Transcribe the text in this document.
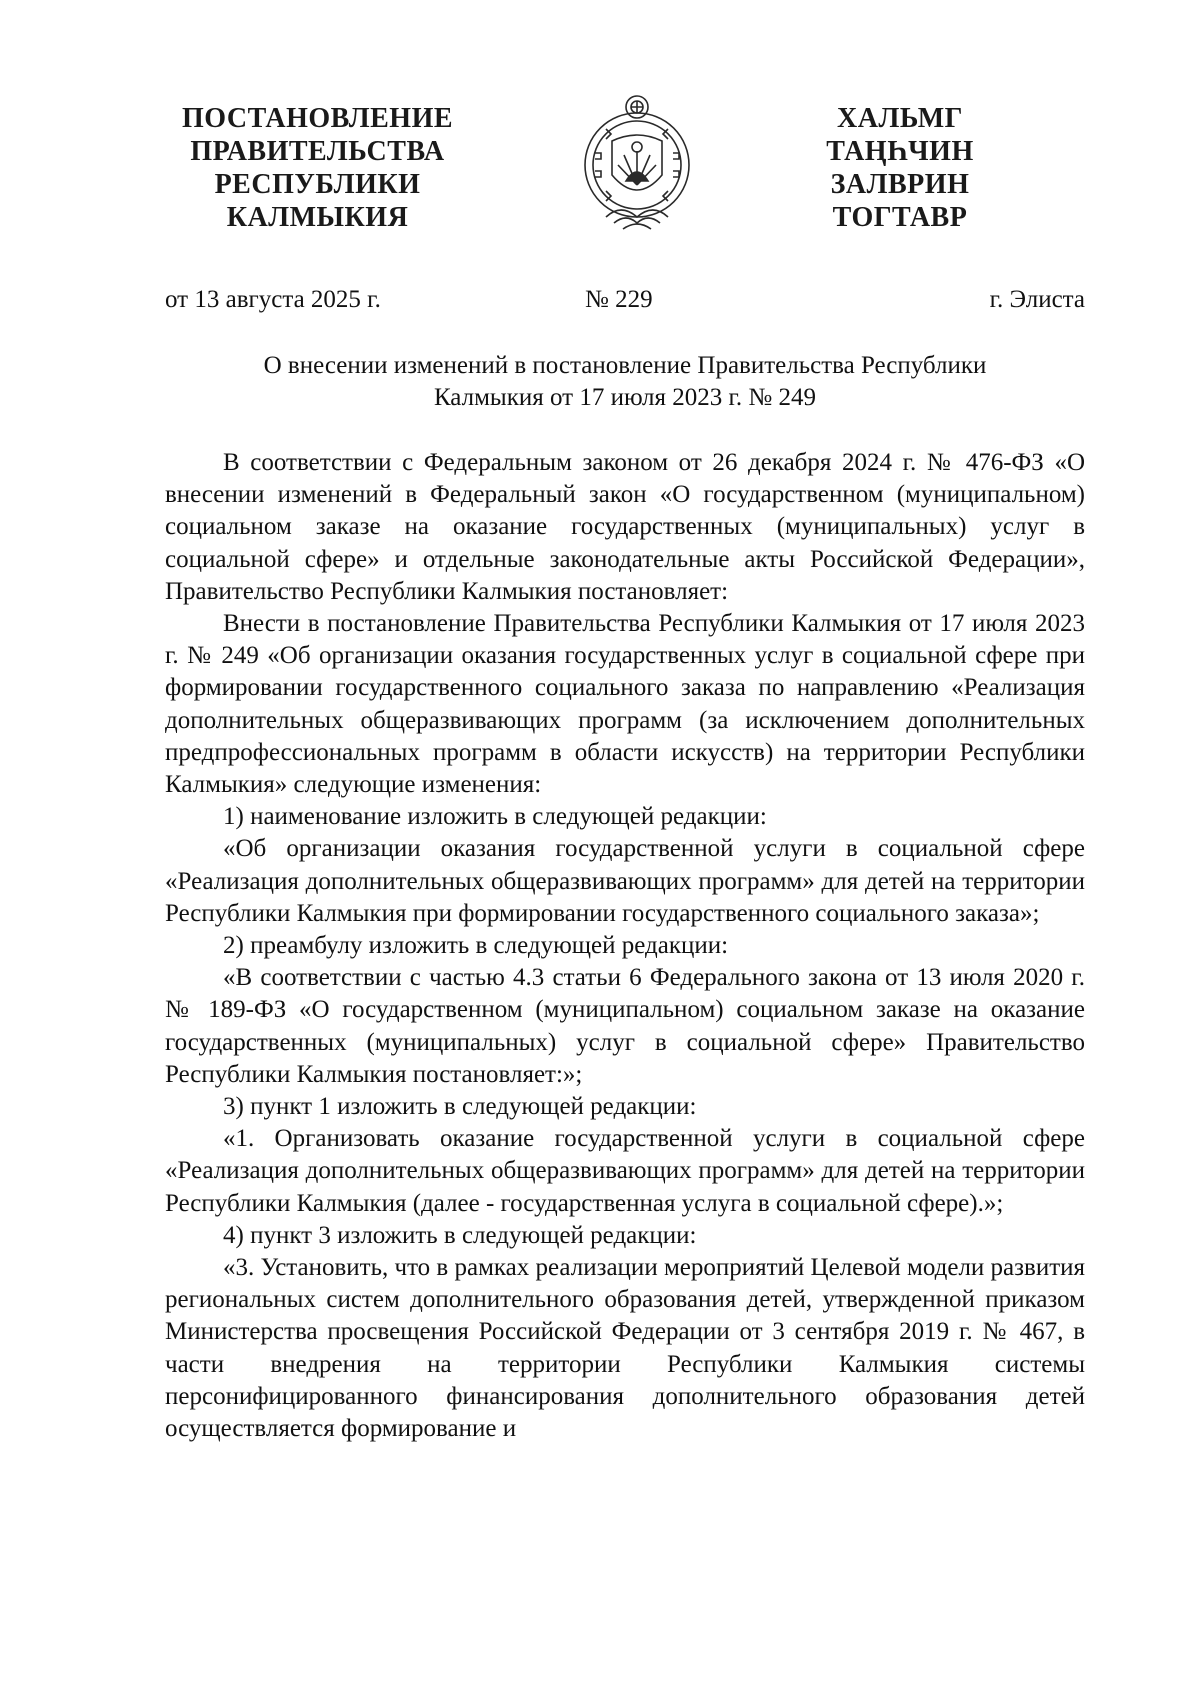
ПОСТАНОВЛЕНИЕ
ПРАВИТЕЛЬСТВА
РЕСПУБЛИКИ
КАЛМЫКИЯ
ХАЛЬМГ
ТАҢҺЧИН
ЗАЛВРИН
ТОГТАВР
от 13 августа 2025 г.	№ 229	г. Элиста
О внесении изменений в постановление Правительства Республики
Калмыкия от 17 июля 2023 г. № 249

В соответствии с Федеральным законом от 26 декабря 2024 г. № 476-ФЗ «О внесении изменений в Федеральный закон «О государственном (муниципальном) социальном заказе на оказание государственных (муниципальных) услуг в социальной сфере» и отдельные законодательные акты Российской Федерации», Правительство Республики Калмыкия постановляет:

Внести в постановление Правительства Республики Калмыкия от 17 июля 2023 г. № 249 «Об организации оказания государственных услуг в социальной сфере при формировании государственного социального заказа по направлению «Реализация дополнительных общеразвивающих программ (за исключением дополнительных предпрофессиональных программ в области искусств) на территории Республики Калмыкия» следующие изменения:

1) наименование изложить в следующей редакции:

«Об организации оказания государственной услуги в социальной сфере «Реализация дополнительных общеразвивающих программ» для детей на территории Республики Калмыкия при формировании государственного социального заказа»;

2) преамбулу изложить в следующей редакции:

«В соответствии с частью 4.3 статьи 6 Федерального закона от 13 июля 2020 г. № 189-ФЗ «О государственном (муниципальном) социальном заказе на оказание государственных (муниципальных) услуг в социальной сфере» Правительство Республики Калмыкия постановляет:»;

3) пункт 1 изложить в следующей редакции:

«1. Организовать оказание государственной услуги в социальной сфере «Реализация дополнительных общеразвивающих программ» для детей на территории Республики Калмыкия (далее - государственная услуга в социальной сфере).»;

4) пункт 3 изложить в следующей редакции:

«3. Установить, что в рамках реализации мероприятий Целевой модели развития региональных систем дополнительного образования детей, утвержденной приказом Министерства просвещения Российской Федерации от 3 сентября 2019 г. № 467, в части внедрения на территории Республики Калмыкия системы персонифицированного финансирования дополнительного образования детей осуществляется формирование и
